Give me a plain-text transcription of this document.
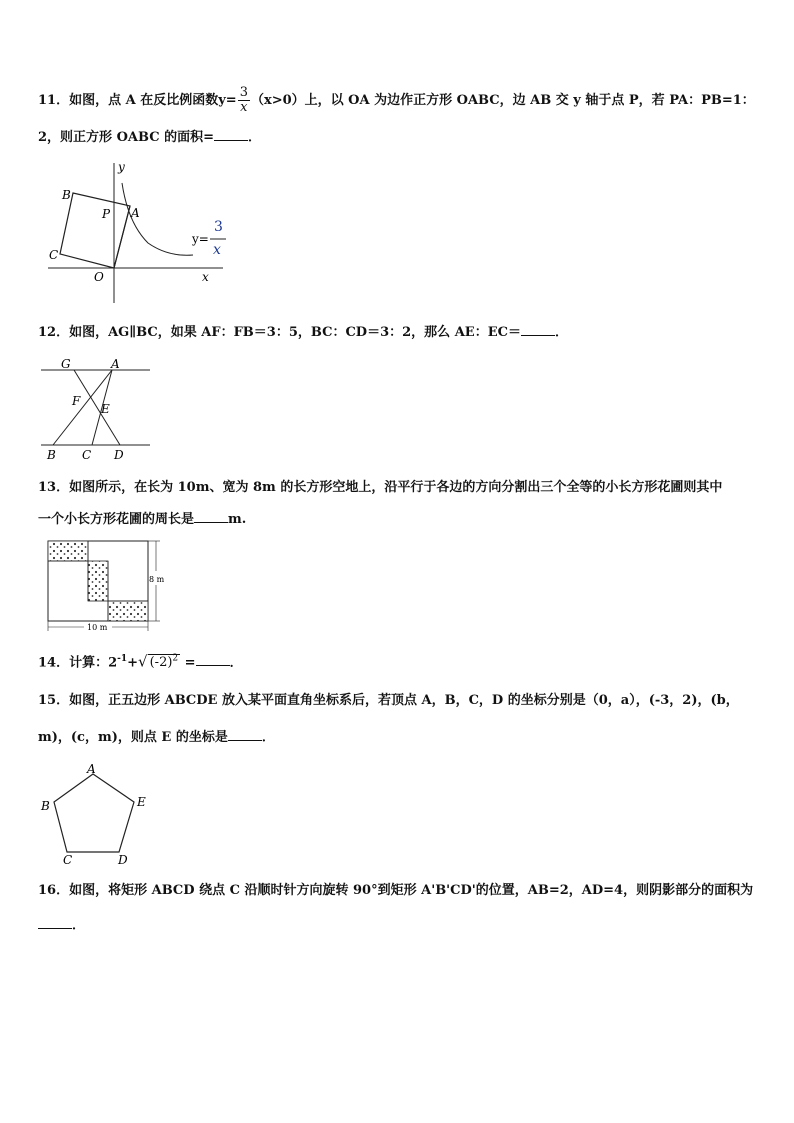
11．如图，点 A 在反比例函数$y= \frac{3}{x} (x>0)$上，以 OA 为边作正方形 OABC，边 AB 交 y 轴于点 P，若 PA：PB=1：
2，则正方形 OABC 的面积=	．
B
P A
C
O	x
y
y=
3
x
12．如图，AG∥BC，如果 AF：FB＝3：5，BC：CD＝3：2，那么 AE：EC＝	．
G	A
F
E
B C D
13．如图所示，在长为 10m、宽为 8m 的长方形空地上，沿平行于各边的方向分割出三个全等的小长方形花圃则其中
一个小长方形花圃的周长是	m.
8 m
10 m
14．计算：$2^{-1}+√$ $(-2)^2$ =	．
15．如图，正五边形 ABCDE 放入某平面直角坐标系后，若顶点 A，B，C，D 的坐标分别是（0，a），(-3，2)，(b，
m)，(c，m)，则点 E 的坐标是	．
A
B
C	D
E
16．如图，将矩形 ABCD 绕点 C 沿顺时针方向旋转 90°到矩形 A'B'CD'的位置，AB=2，AD=4，则阴影部分的面积为
．
